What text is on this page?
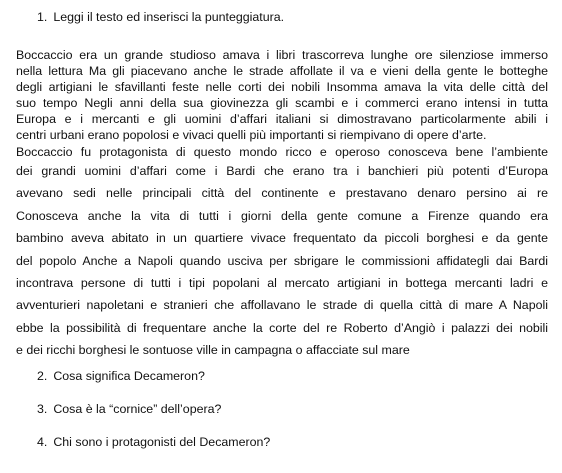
1. Leggi il testo ed inserisci la punteggiatura.
Boccaccio era un grande studioso amava i libri trascorreva lunghe ore silenziose immerso
nella lettura Ma gli piacevano anche le strade affollate il va e vieni della gente le botteghe
degli artigiani le sfavillanti feste nelle corti dei nobili Insomma amava la vita delle città del
suo tempo Negli anni della sua giovinezza gli scambi e i commerci erano intensi in tutta
Europa e i mercanti e gli uomini d’affari italiani si dimostravano particolarmente abili i
centri urbani erano popolosi e vivaci quelli più importanti si riempivano di opere d’arte.
Boccaccio fu protagonista di questo mondo ricco e operoso conosceva bene l’ambiente
dei grandi uomini d’affari come i Bardi che erano tra i banchieri più potenti d’Europa
avevano sedi nelle principali città del continente e prestavano denaro persino ai re
Conosceva anche la vita di tutti i giorni della gente comune a Firenze quando era
bambino aveva abitato in un quartiere vivace frequentato da piccoli borghesi e da gente
del popolo Anche a Napoli quando usciva per sbrigare le commissioni affidategli dai Bardi
incontrava persone di tutti i tipi popolani al mercato artigiani in bottega mercanti ladri e
avventurieri napoletani e stranieri che affollavano le strade di quella città di mare A Napoli
ebbe la possibilità di frequentare anche la corte del re Roberto d’Angiò i palazzi dei nobili
e dei ricchi borghesi le sontuose ville in campagna o affacciate sul mare
2. Cosa significa Decameron?
3. Cosa è la “cornice” dell’opera?
4. Chi sono i protagonisti del Decameron?
